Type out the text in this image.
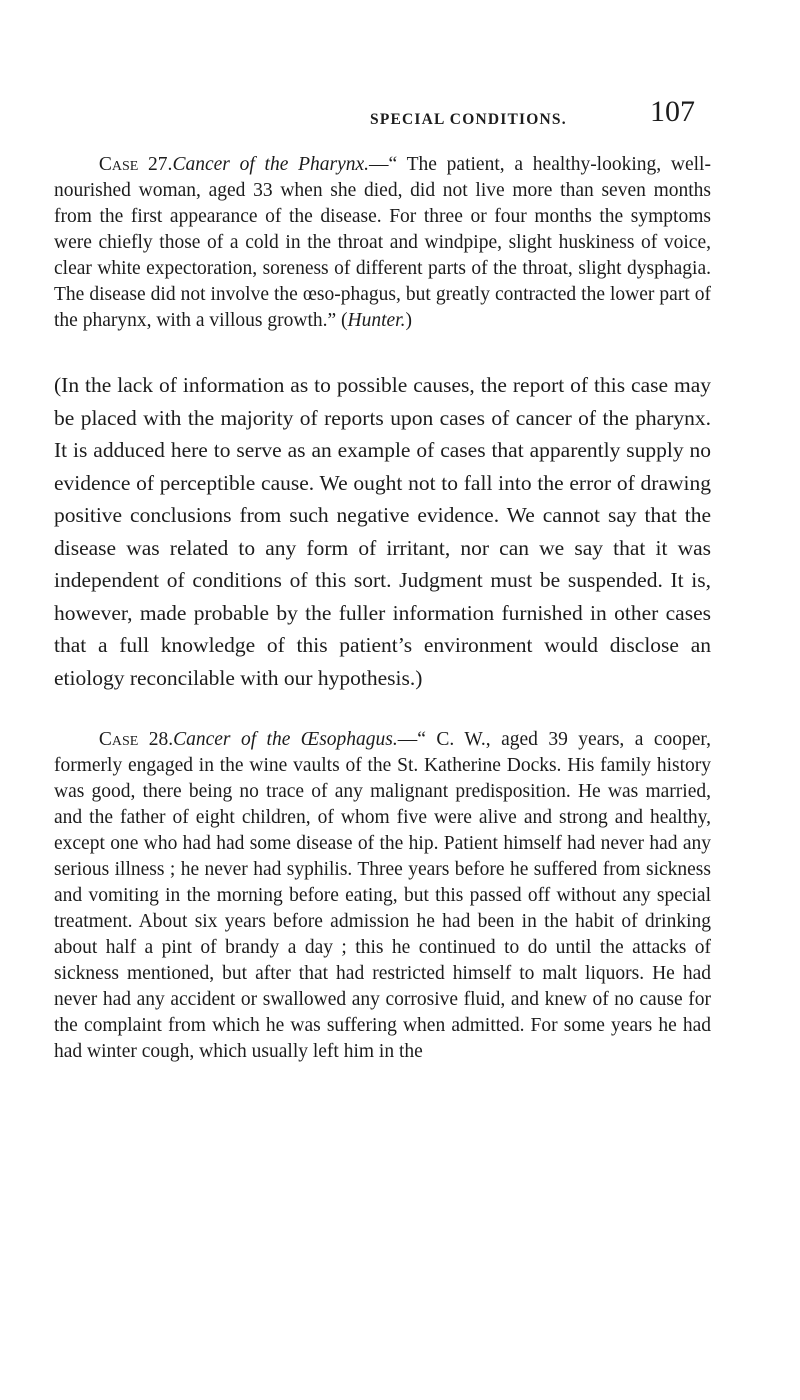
SPECIAL CONDITIONS.	107

Case 27.Cancer of the Pharynx.—“ The patient, a healthy-looking, well-nourished woman, aged 33 when she died, did not live more than seven months from the first appearance of the disease. For three or four months the symptoms were chiefly those of a cold in the throat and windpipe, slight huskiness of voice, clear white expectoration, soreness of different parts of the throat, slight dysphagia. The disease did not involve the œso-phagus, but greatly contracted the lower part of the pharynx, with a villous growth.” (Hunter.)

(In the lack of information as to possible causes, the report of this case may be placed with the majority of reports upon cases of cancer of the pharynx. It is adduced here to serve as an example of cases that apparently supply no evidence of perceptible cause. We ought not to fall into the error of drawing positive conclusions from such negative evidence. We cannot say that the disease was related to any form of irritant, nor can we say that it was independent of conditions of this sort. Judgment must be suspended. It is, however, made probable by the fuller information furnished in other cases that a full knowledge of this patient’s environment would disclose an etiology reconcilable with our hypothesis.)

Case 28.Cancer of the Œsophagus.—“ C. W., aged 39 years, a cooper, formerly engaged in the wine vaults of the St. Katherine Docks. His family history was good, there being no trace of any malignant predisposition. He was married, and the father of eight children, of whom five were alive and strong and healthy, except one who had had some disease of the hip. Patient himself had never had any serious illness ; he never had syphilis. Three years before he suffered from sickness and vomiting in the morning before eating, but this passed off without any special treatment. About six years before admission he had been in the habit of drinking about half a pint of brandy a day ; this he continued to do until the attacks of sickness mentioned, but after that had restricted himself to malt liquors. He had never had any accident or swallowed any corrosive fluid, and knew of no cause for the complaint from which he was suffering when admitted. For some years he had had winter cough, which usually left him in the
